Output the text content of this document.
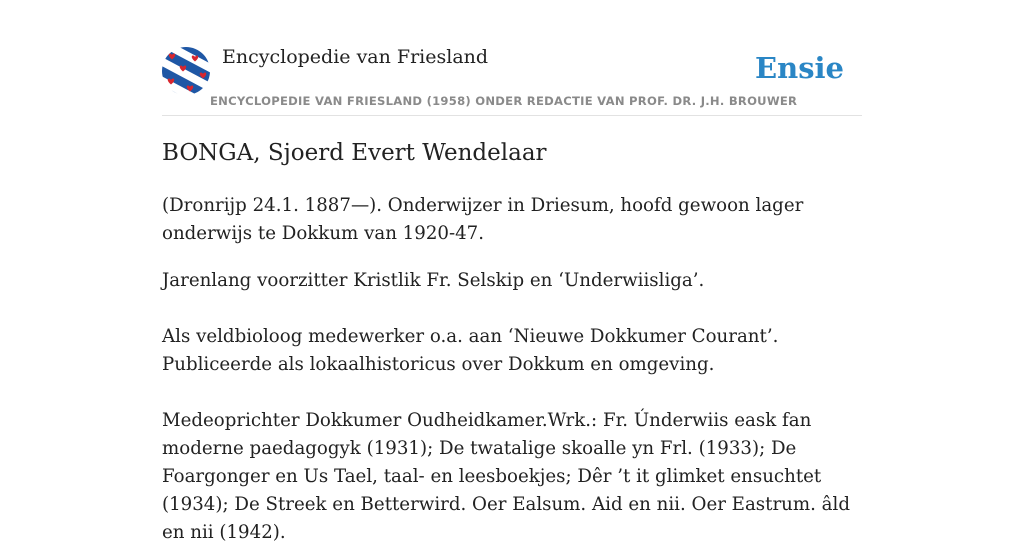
Encyclopedie van Friesland	Ensie
ENCYCLOPEDIE VAN FRIESLAND (1958) ONDER REDACTIE VAN PROF. DR. J.H. BROUWER
BONGA, Sjoerd Evert Wendelaar

(Dronrijp 24.1. 1887—). Onderwijzer in Driesum, hoofd gewoon lager onderwijs te Dokkum van 1920-47.

Jarenlang voorzitter Kristlik Fr. Selskip en ‘Underwiisliga’.

Als veldbioloog medewerker o.a. aan ‘Nieuwe Dokkumer Courant’. Publiceerde als lokaalhistoricus over Dokkum en omgeving.

Medeoprichter Dokkumer Oudheidkamer.Wrk.: Fr. Únderwiis eask fan moderne paedagogyk (1931); De twatalige skoalle yn Frl. (1933); De Foargonger en Us Tael, taal- en leesboekjes; Dêr ’t it glimket ensuchtet (1934); De Streek en Betterwird. Oer Ealsum. Aid en nii. Oer Eastrum. âld en nii (1942).
